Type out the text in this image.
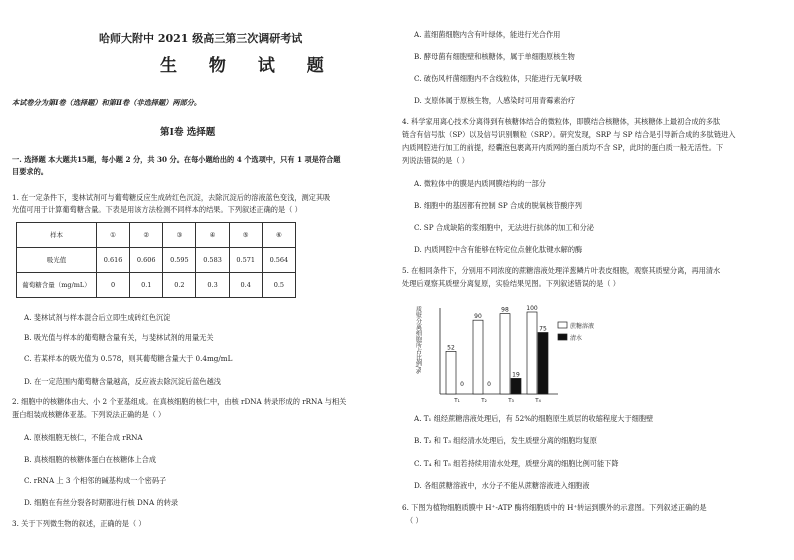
哈师大附中 2021 级高三第三次调研考试
生 物 试 题
本试卷分为第Ⅰ卷（选择题）和第Ⅱ卷（非选择题）两部分。
第Ⅰ卷 选择题
一. 选择题 本大题共15题，每小题 2 分，共 30 分。在每小题给出的 4 个选项中，只有 1 项是符合题
目要求的。
1. 在一定条件下，斐林试剂可与葡萄糖反应生成砖红色沉淀，去除沉淀后的溶液蓝色变浅，测定其吸
光值可用于计算葡萄糖含量。下表是用该方法检测不同样本的结果。下列叙述正确的是（ ）
样本	①	②	③	④	⑤	⑥
吸光值	0.616	0.606	0.595	0.583	0.571	0.564
葡萄糖含量（mg/mL）	0	0.1	0.2	0.3	0.4	0.5
A. 斐林试剂与样本混合后立即生成砖红色沉淀
B. 吸光值与样本的葡萄糖含量有关，与斐林试剂的用量无关
C. 若某样本的吸光值为 0.578，则其葡萄糖含量大于 0.4mg/mL
D. 在一定范围内葡萄糖含量越高，反应液去除沉淀后蓝色越浅
2. 细胞中的核糖体由大、小 2 个亚基组成。在真核细胞的核仁中，由核 rDNA 转录形成的 rRNA 与相关
蛋白组装成核糖体亚基。下列说法正确的是（ ）
A. 原核细胞无核仁，不能合成 rRNA
B. 真核细胞的核糖体蛋白在核糖体上合成
C. rRNA 上 3 个相邻的碱基构成一个密码子
D. 细胞在有丝分裂各时期都进行核 DNA 的转录
3. 关于下列微生物的叙述，正确的是（ ）
A. 蓝细菌细胞内含有叶绿体，能进行光合作用
B. 酵母菌有细胞壁和核糖体，属于单细胞原核生物
C. 破伤风杆菌细胞内不含线粒体，只能进行无氧呼吸
D. 支原体属于原核生物，人感染时可用青霉素治疗
4. 科学家用离心技术分离得到有核糖体结合的微粒体，即膜结合核糖体，其核糖体上最初合成的多肽
链含有信号肽（SP）以及信号识别颗粒（SRP）。研究发现，SRP 与 SP 结合是引导新合成的多肽链进入
内质网腔进行加工的前提，经囊泡包裹离开内质网的蛋白质均不含 SP，此时的蛋白质一般无活性。下
列说法错误的是（ ）
A. 微粒体中的膜是内质网膜结构的一部分
B. 细胞中的基因都有控制 SP 合成的脱氧核苷酸序列
C. SP 合成缺陷的浆细胞中，无法进行抗体的加工和分泌
D. 内质网腔中含有能够在特定位点催化肽键水解的酶
5. 在相同条件下，分别用不同浓度的蔗糖溶液处理洋葱鳞片叶表皮细胞，观察其质壁分离，再用清水
处理后观察其质壁分离复原，实验结果见图。下列叙述错误的是（ ）
质壁分离细胞所占比例/%	52
0
T₁
90
0
T₂
98
19
T₃
100
75
T₄
蔗糖溶液
清水
A. T₁ 组经蔗糖溶液处理后，有 52%的细胞原生质层的收缩程度大于细胞壁
B. T₂ 和 T₃ 组经清水处理后，发生质壁分离的细胞均复原
C. T₄ 和 T₅ 组若持续用清水处理，质壁分离的细胞比例可能下降
D. 各组蔗糖溶液中，水分子不能从蔗糖溶液进入细胞液
6. 下图为植物细胞质膜中 H⁺-ATP 酶将细胞质中的 H⁺转运到膜外的示意图。下列叙述正确的是
（ ）
